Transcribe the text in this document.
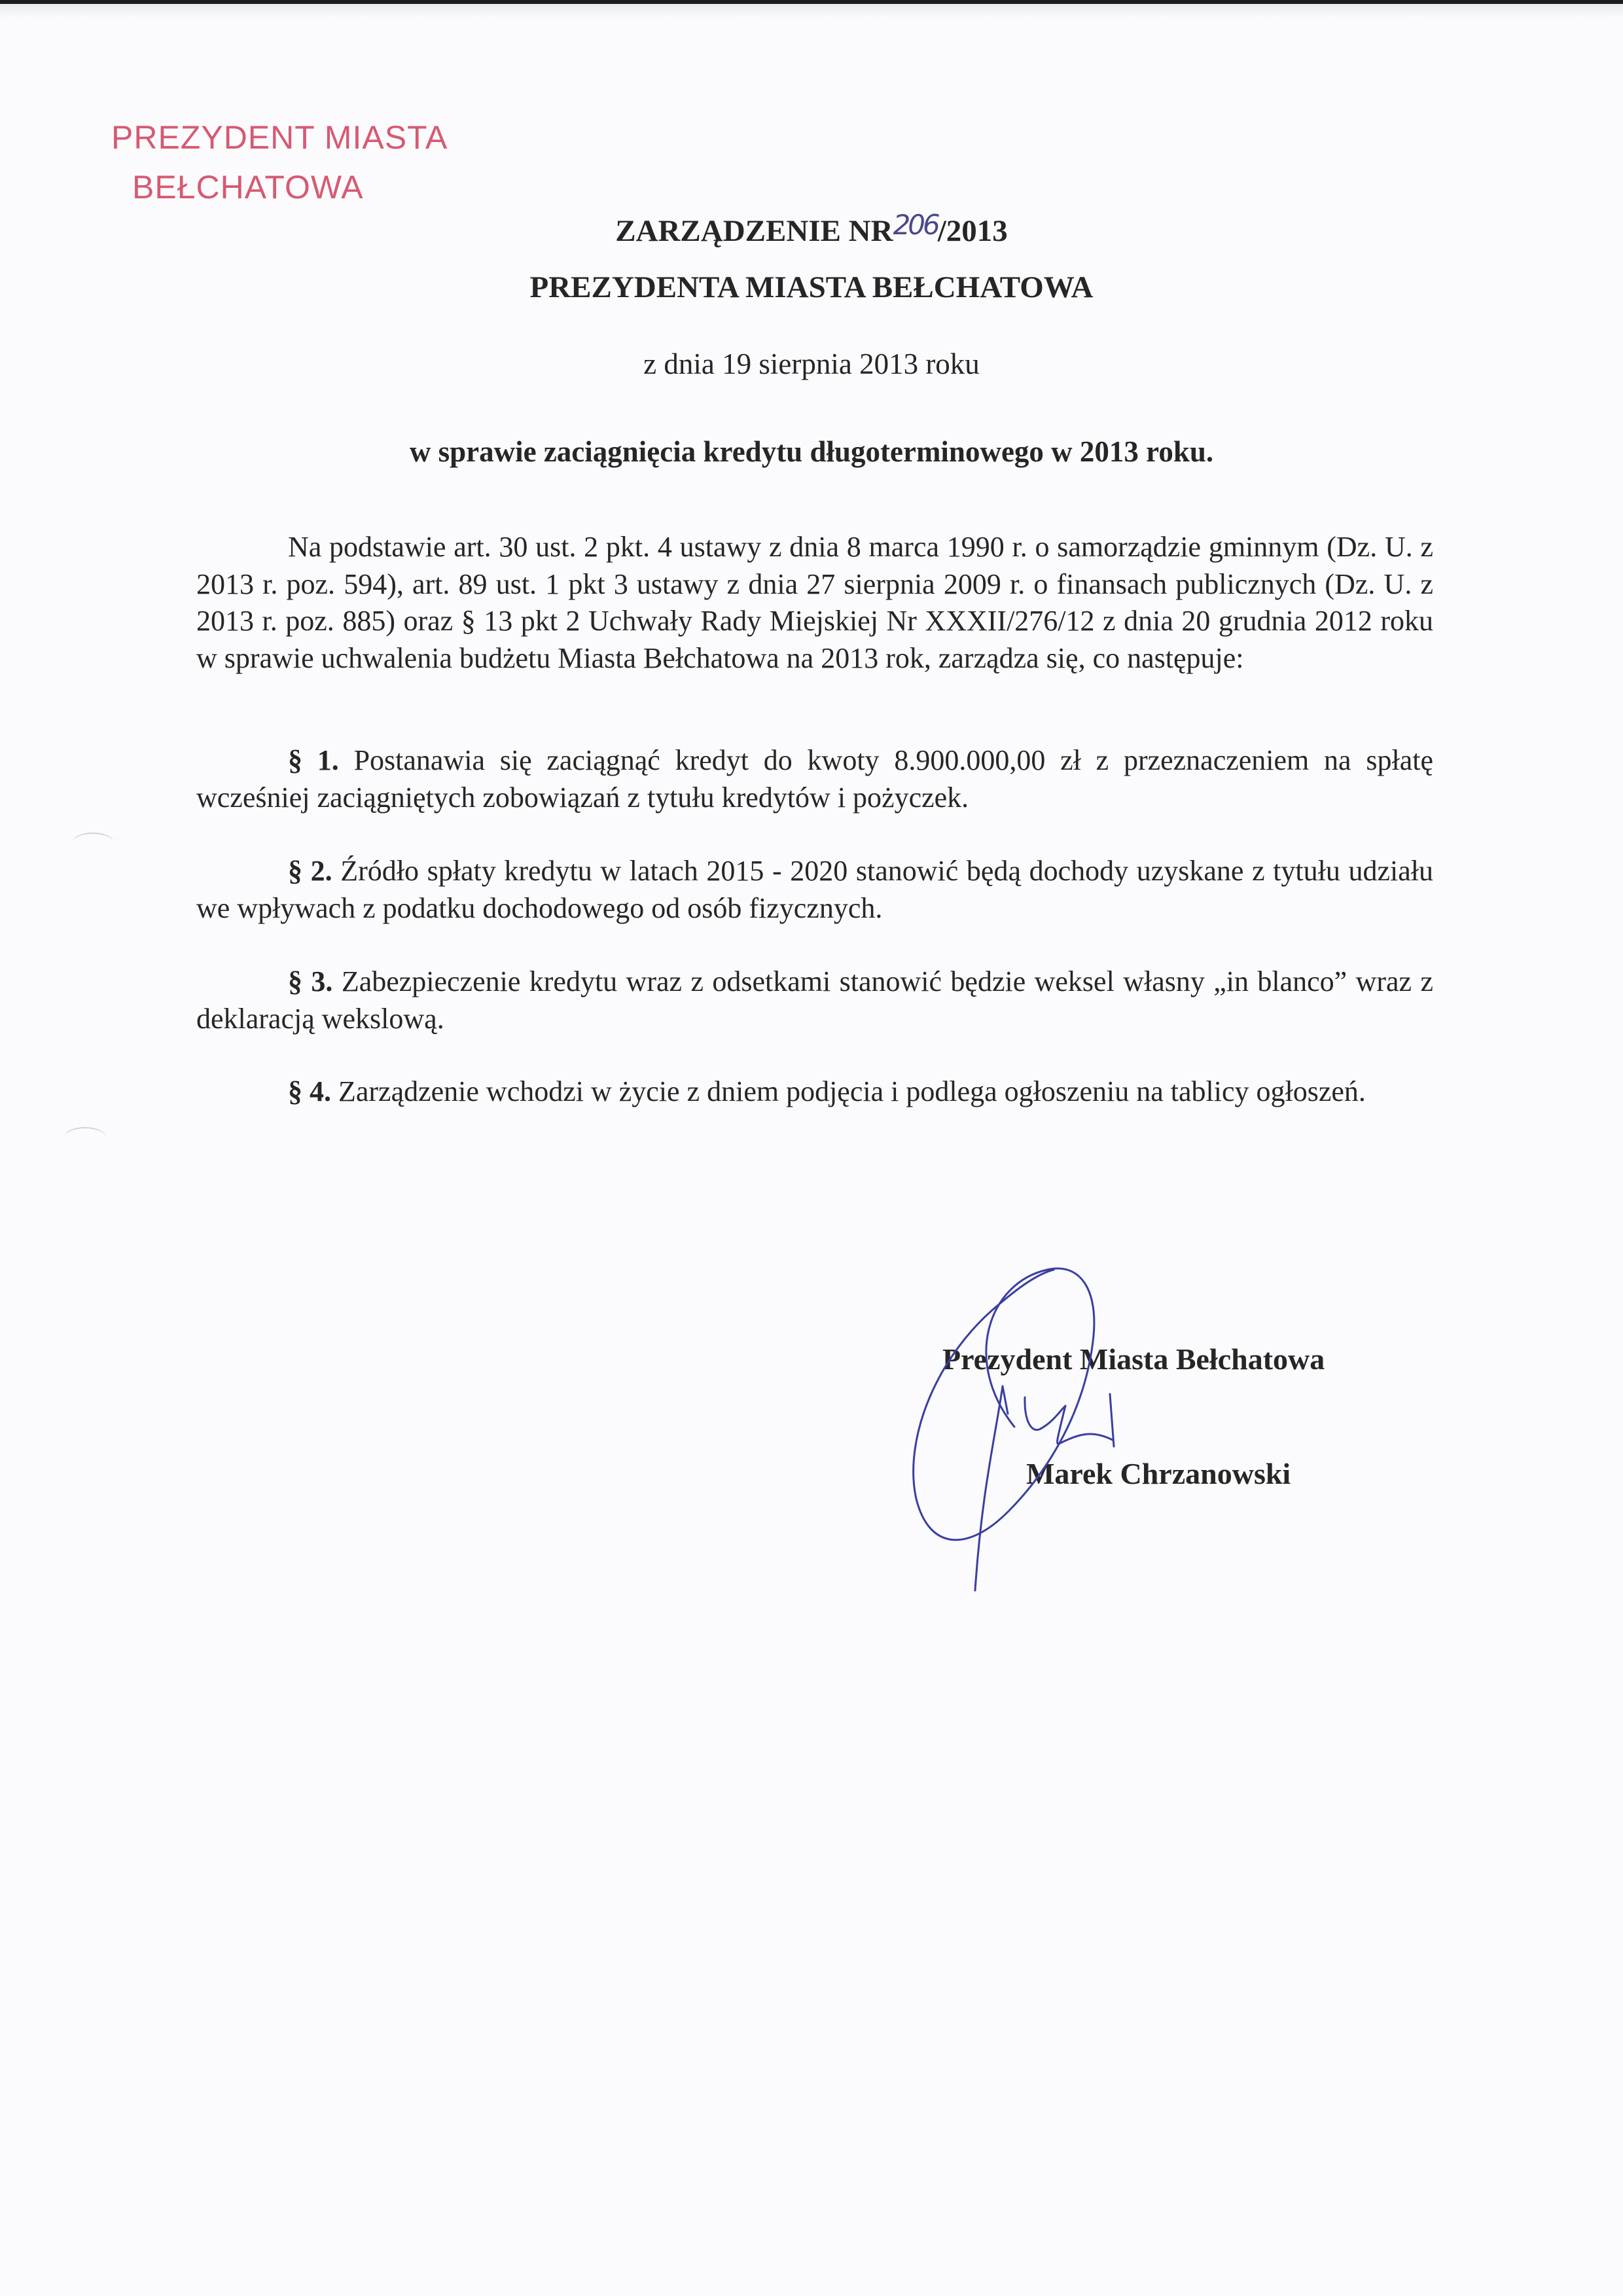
PREZYDENT MIASTA
BEŁCHATOWA
ZARZĄDZENIE NR206/2013
PREZYDENTA MIASTA BEŁCHATOWA
z dnia 19 sierpnia 2013 roku
w sprawie zaciągnięcia kredytu długoterminowego w 2013 roku.
Na podstawie art. 30 ust. 2 pkt. 4 ustawy z dnia 8 marca 1990 r. o samorządzie gminnym (Dz. U. z 2013 r. poz. 594), art. 89 ust. 1 pkt 3 ustawy z dnia 27 sierpnia 2009 r. o finansach publicznych (Dz. U. z 2013 r. poz. 885) oraz § 13 pkt 2 Uchwały Rady Miejskiej Nr XXXII/276/12 z dnia 20 grudnia 2012 roku w sprawie uchwalenia budżetu Miasta Bełchatowa na 2013 rok, zarządza się, co następuje:
§ 1. Postanawia się zaciągnąć kredyt do kwoty 8.900.000,00 zł z przeznaczeniem na spłatę wcześniej zaciągniętych zobowiązań z tytułu kredytów i pożyczek.
§ 2. Źródło spłaty kredytu w latach 2015 - 2020 stanowić będą dochody uzyskane z tytułu udziału we wpływach z podatku dochodowego od osób fizycznych.
§ 3. Zabezpieczenie kredytu wraz z odsetkami stanowić będzie weksel własny „in blanco” wraz z deklaracją wekslową.
§ 4. Zarządzenie wchodzi w życie z dniem podjęcia i podlega ogłoszeniu na tablicy ogłoszeń.
Prezydent Miasta Bełchatowa
Marek Chrzanowski
